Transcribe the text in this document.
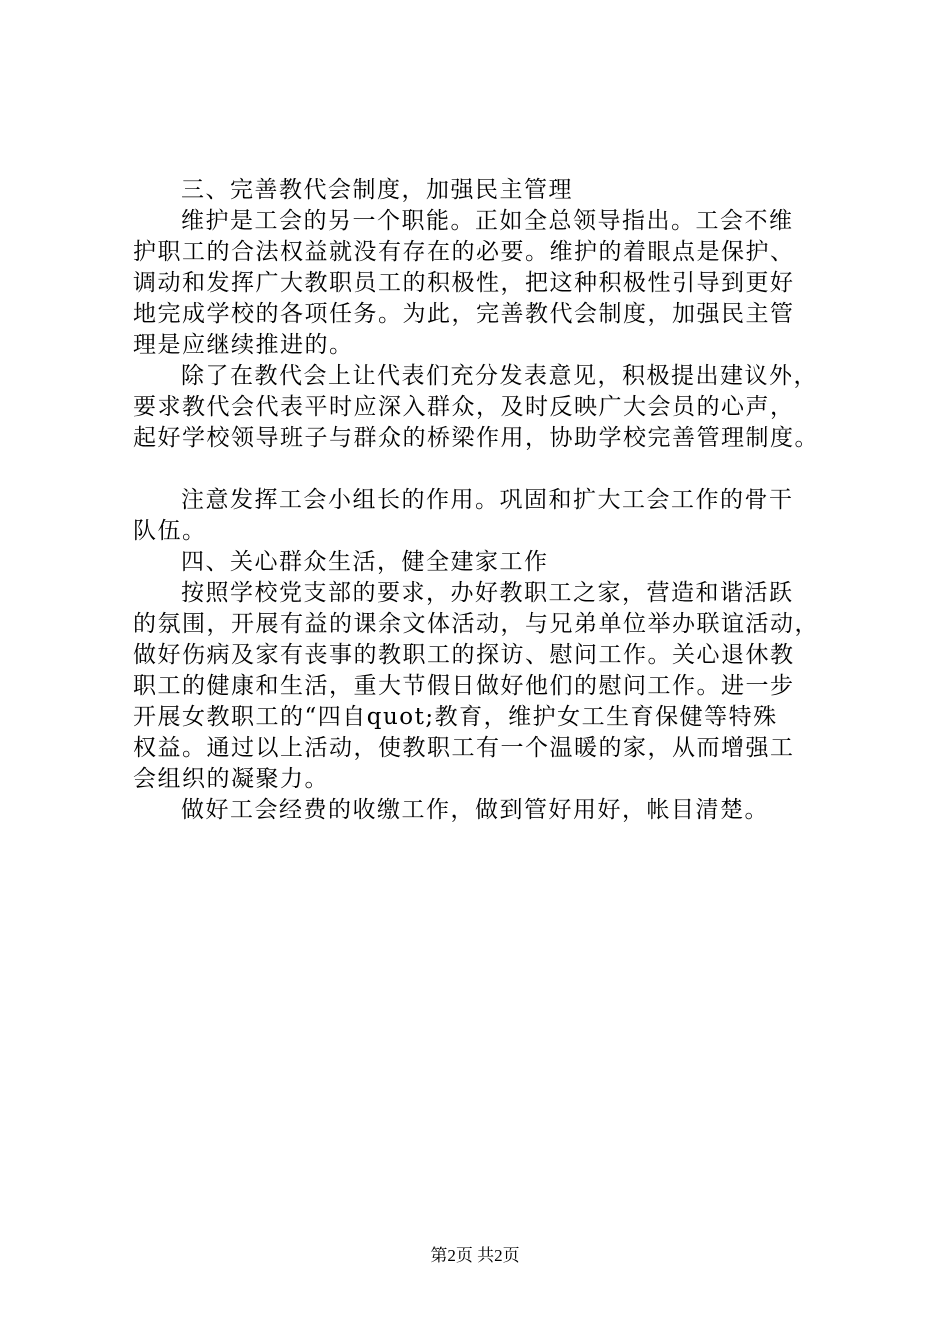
三、完善教代会制度，加强民主管理
维护是工会的另一个职能。正如全总领导指出。工会不维
护职工的合法权益就没有存在的必要。维护的着眼点是保护、
调动和发挥广大教职员工的积极性，把这种积极性引导到更好
地完成学校的各项任务。为此，完善教代会制度，加强民主管
理是应继续推进的。
除了在教代会上让代表们充分发表意见，积极提出建议外，
要求教代会代表平时应深入群众，及时反映广大会员的心声，
起好学校领导班子与群众的桥梁作用，协助学校完善管理制度。
注意发挥工会小组长的作用。巩固和扩大工会工作的骨干
队伍。
四、关心群众生活，健全建家工作
按照学校党支部的要求，办好教职工之家，营造和谐活跃
的氛围，开展有益的课余文体活动，与兄弟单位举办联谊活动，
做好伤病及家有丧事的教职工的探访、慰问工作。关心退休教
职工的健康和生活，重大节假日做好他们的慰问工作。进一步
开展女教职工的“四自quot;教育，维护女工生育保健等特殊
权益。通过以上活动，使教职工有一个温暖的家，从而增强工
会组织的凝聚力。
做好工会经费的收缴工作，做到管好用好，帐目清楚。
第2页 共2页
